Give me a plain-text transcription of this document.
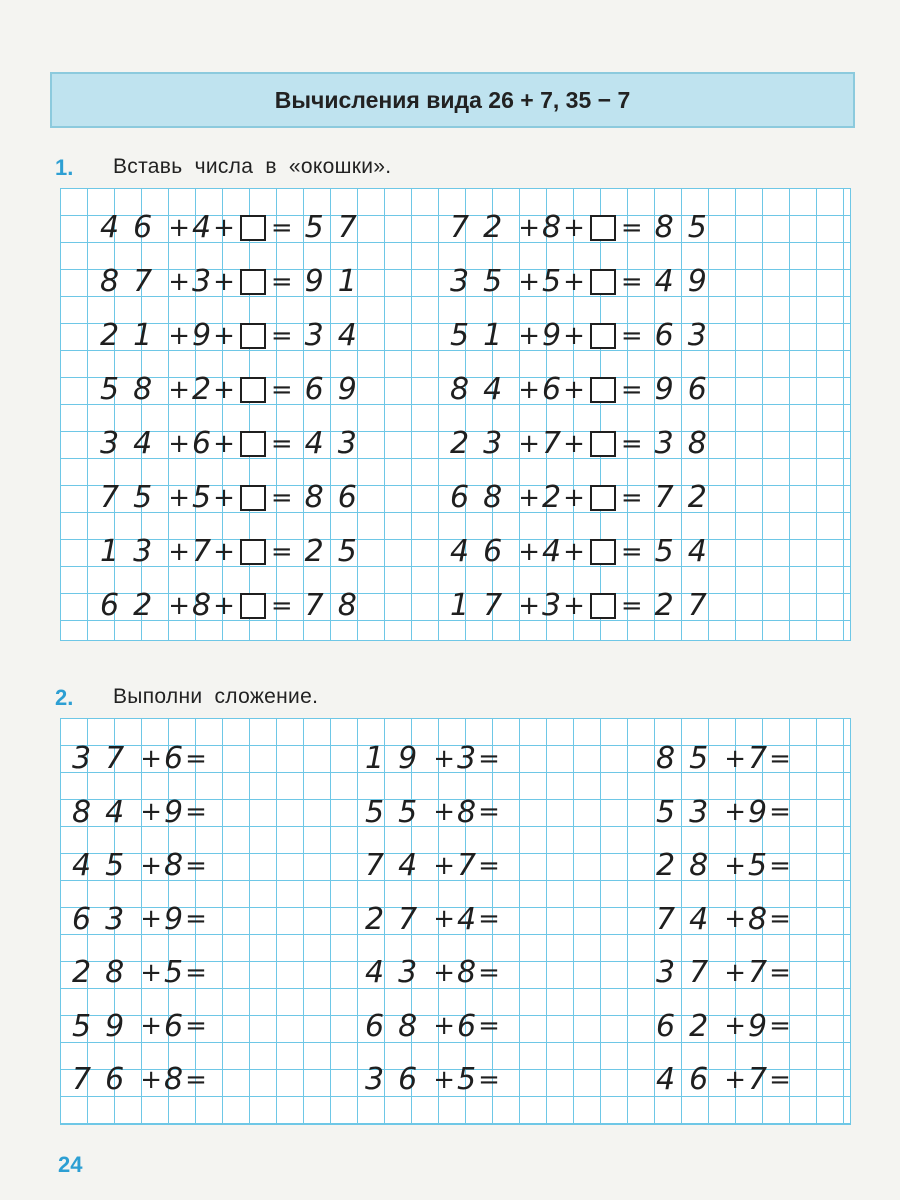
Вычисления вида 26 + 7, 35 − 7
1. Вставь числа в «окошки».
46 + 4 + = 57
87 + 3 + = 91
21 + 9 + = 34
58 + 2 + = 69
34 + 6 + = 43
75 + 5 + = 86
13 + 7 + = 25
62 + 8 + = 78
72 + 8 + = 85
35 + 5 + = 49
51 + 9 + = 63
84 + 6 + = 96
23 + 7 + = 38
68 + 2 + = 72
46 + 4 + = 54
17 + 3 + = 27
2. Выполни сложение.
37 + 6 =
84 + 9 =
45 + 8 =
63 + 9 =
28 + 5 =
59 + 6 =
76 + 8 =
19 + 3 =
55 + 8 =
74 + 7 =
27 + 4 =
43 + 8 =
68 + 6 =
36 + 5 =
85 + 7 =
53 + 9 =
28 + 5 =
74 + 8 =
37 + 7 =
62 + 9 =
46 + 7 =
24
